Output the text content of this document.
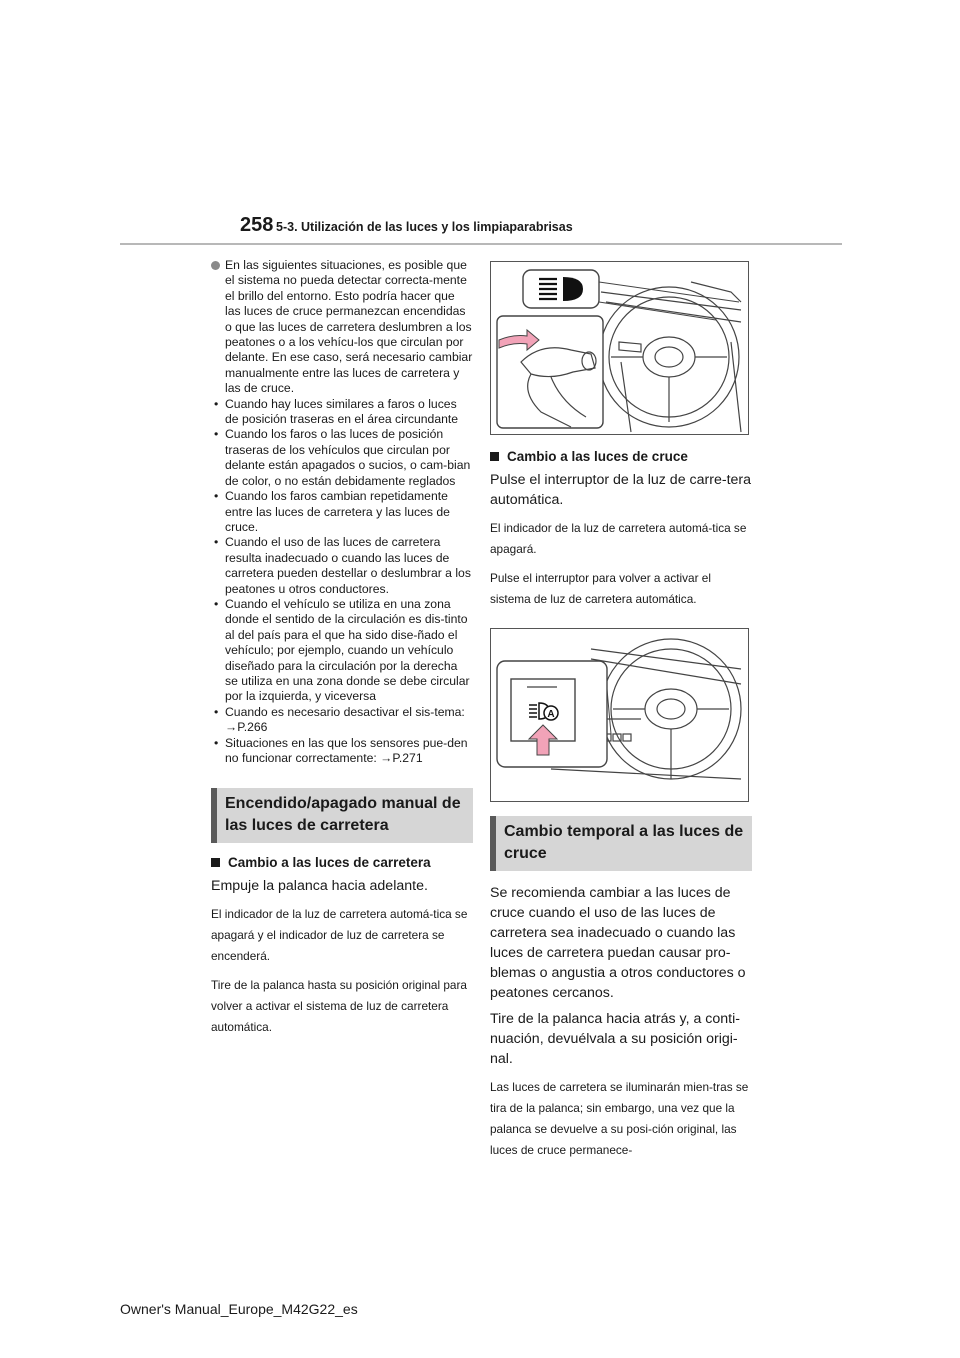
258 5-3. Utilización de las luces y los limpiaparabrisas
En las siguientes situaciones, es posible que el sistema no pueda detectar correcta-mente el brillo del entorno. Esto podría hacer que las luces de cruce permanezcan encendidas o que las luces de carretera deslumbren a los peatones o a los vehícu-los que circulan por delante. En ese caso, será necesario cambiar manualmente entre las luces de carretera y las de cruce.
• Cuando hay luces similares a faros o luces de posición traseras en el área circundante
• Cuando los faros o las luces de posición traseras de los vehículos que circulan por delante están apagados o sucios, o cam-bian de color, o no están debidamente reglados
• Cuando los faros cambian repetidamente entre las luces de carretera y las luces de cruce.
• Cuando el uso de las luces de carretera resulta inadecuado o cuando las luces de carretera pueden destellar o deslumbrar a los peatones u otros conductores.
• Cuando el vehículo se utiliza en una zona donde el sentido de la circulación es dis-tinto al del país para el que ha sido dise-ñado el vehículo; por ejemplo, cuando un vehículo diseñado para la circulación por la derecha se utiliza en una zona donde se debe circular por la izquierda, y viceversa
• Cuando es necesario desactivar el sis-tema: →P.266
• Situaciones en las que los sensores pue-den no funcionar correctamente: →P.271
Encendido/apagado manual de las luces de carretera
Cambio a las luces de carretera
Empuje la palanca hacia adelante.
El indicador de la luz de carretera automá-tica se apagará y el indicador de luz de carretera se encenderá.
Tire de la palanca hasta su posición original para volver a activar el sistema de luz de carretera automática.
Cambio a las luces de cruce
Pulse el interruptor de la luz de carre-tera automática.
El indicador de la luz de carretera automá-tica se apagará.
Pulse el interruptor para volver a activar el sistema de luz de carretera automática.
A
Cambio temporal a las luces de cruce
Se recomienda cambiar a las luces de cruce cuando el uso de las luces de carretera sea inadecuado o cuando las luces de carretera puedan causar pro-blemas o angustia a otros conductores o peatones cercanos.
Tire de la palanca hacia atrás y, a conti-nuación, devuélvala a su posición origi-nal.
Las luces de carretera se iluminarán mien-tras se tira de la palanca; sin embargo, una vez que la palanca se devuelve a su posi-ción original, las luces de cruce permanece-
Owner's Manual_Europe_M42G22_es
